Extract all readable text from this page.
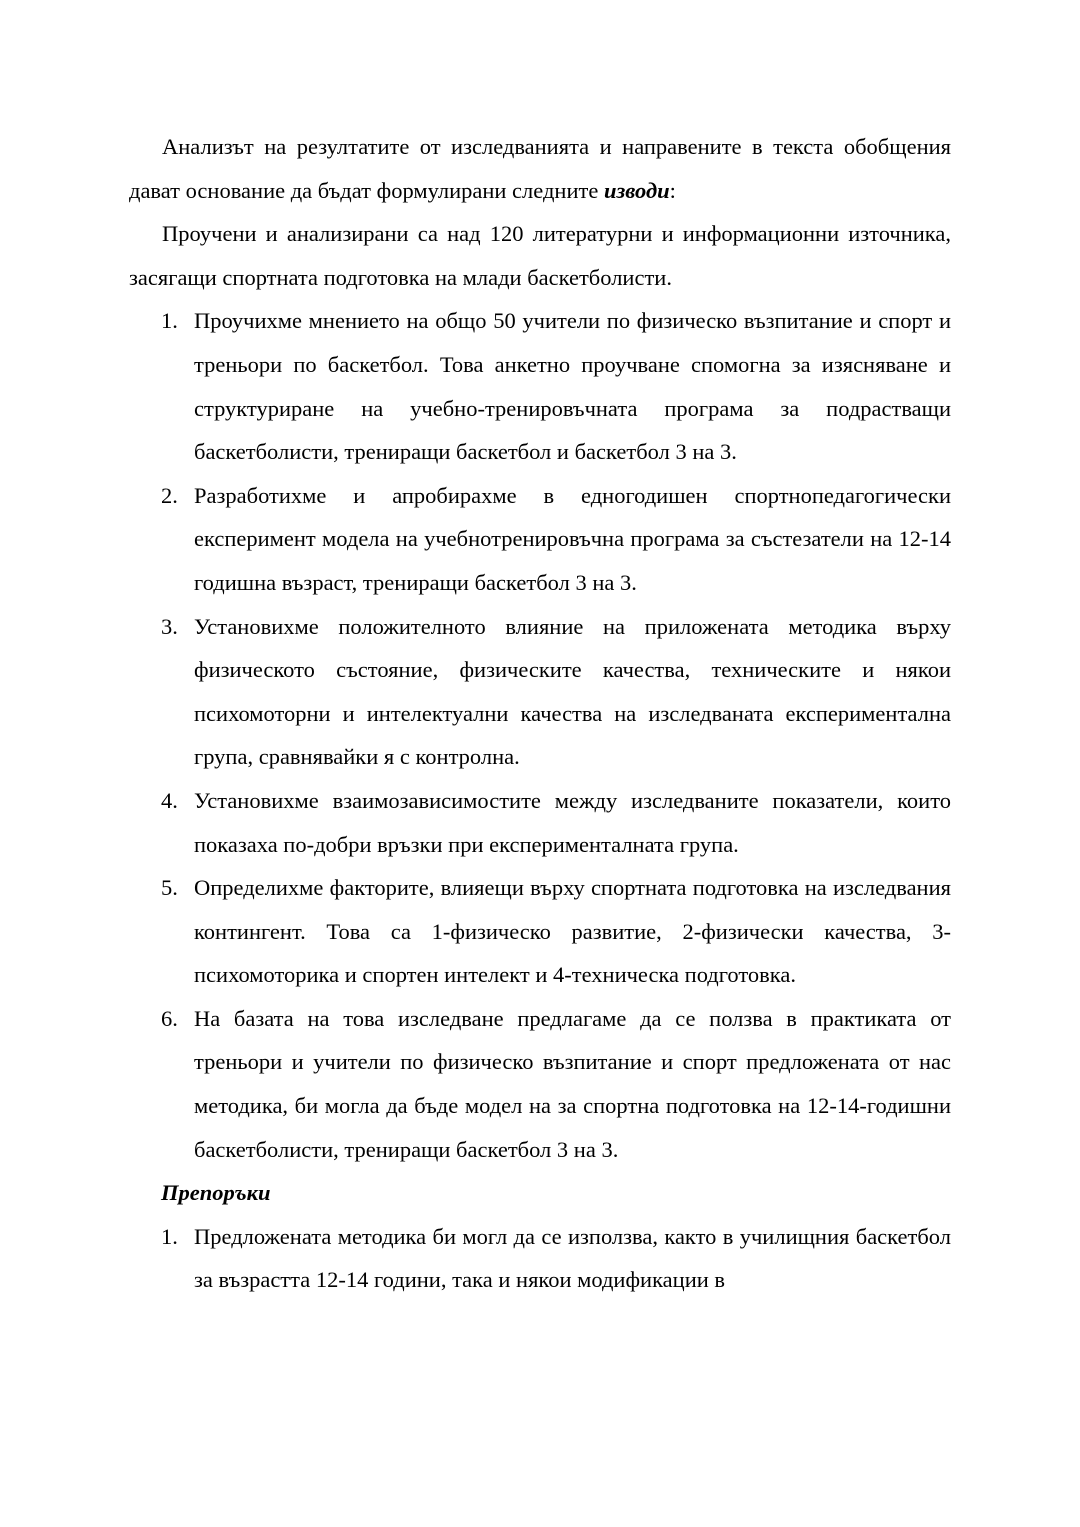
Анализът на резултатите от изследванията и направените в текста обобщения дават основание да бъдат формулирани следните изводи:

Проучени и анализирани са над 120 литературни и информационни източника, засягащи спортната подготовка на млади баскетболисти.

1. Проучихме мнението на общо 50 учители по физическо възпитание и спорт и треньори по баскетбол. Това анкетно проучване спомогна за изясняване и структуриране на учебно-тренировъчната програма за подрастващи баскетболисти, трениращи баскетбол и баскетбол 3 на 3.
2. Разработихме и апробирахме в едногодишен спортнопедагогически експеримент модела на учебнотренировъчна програма за състезатели на 12-14 годишна възраст, трениращи баскетбол 3 на 3.
3. Установихме положителното влияние на приложената методика върху физическото състояние, физическите качества, техническите и някои психомоторни и интелектуални качества на изследваната експериментална група, сравнявайки я с контролна.
4. Установихме взаимозависимостите между изследваните показатели, които показаха по-добри връзки при експерименталната група.
5. Определихме факторите, влияещи върху спортната подготовка на изследвания контингент. Това са 1-физическо развитие, 2-физически качества, 3-психомоторика и спортен интелект и 4-техническа подготовка.
6. На базата на това изследване предлагаме да се ползва в практиката от треньори и учители по физическо възпитание и спорт предложената от нас методика, би могла да бъде модел на за спортна подготовка на 12-14-годишни баскетболисти, трениращи баскетбол 3 на 3.

Препоръки

1. Предложената методика би могл да се използва, както в училищния баскетбол за възрастта 12-14 години, така и някои модификации в
